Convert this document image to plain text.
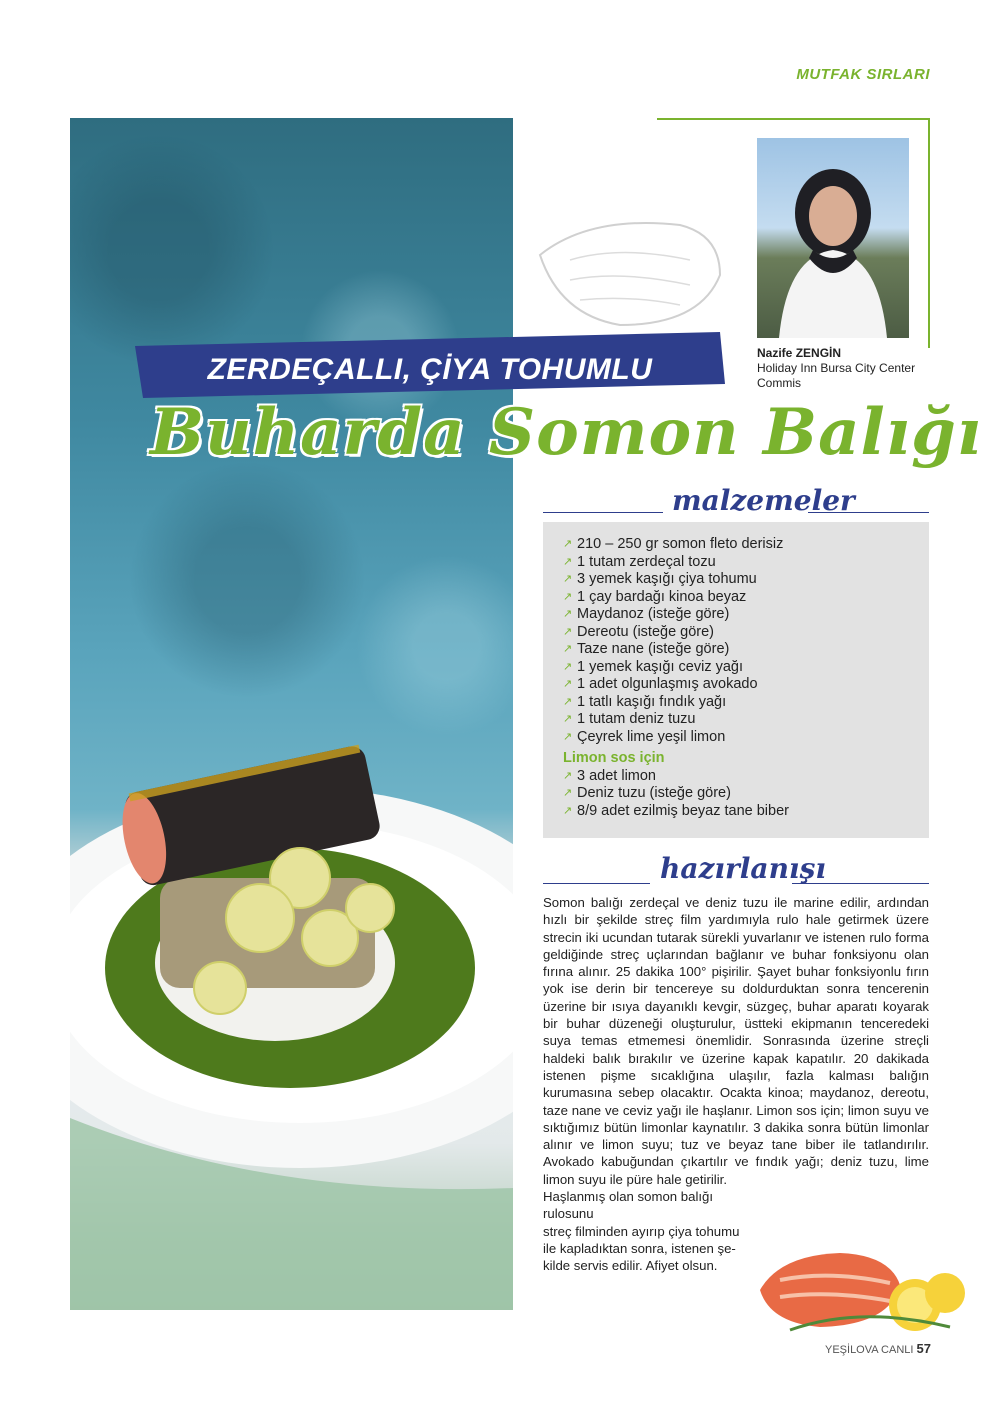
MUTFAK SIRLARI
Nazife ZENGİN
Holiday Inn Bursa City Center
Commis
ZERDEÇALLI, ÇİYA TOHUMLU
Buharda Somon Balığı
malzemeler
↗ 210 – 250 gr somon fleto derisiz
↗ 1 tutam zerdeçal tozu
↗ 3 yemek kaşığı çiya tohumu
↗ 1 çay bardağı kinoa beyaz
↗ Maydanoz (isteğe göre)
↗ Dereotu (isteğe göre)
↗ Taze nane (isteğe göre)
↗ 1 yemek kaşığı ceviz yağı
↗ 1 adet olgunlaşmış avokado
↗ 1 tatlı kaşığı fındık yağı
↗ 1 tutam deniz tuzu
↗ Çeyrek lime yeşil limon
Limon sos için
↗ 3 adet limon
↗ Deniz tuzu (isteğe göre)
↗ 8/9 adet ezilmiş beyaz tane biber
hazırlanışı

Somon balığı zerdeçal ve deniz tuzu ile marine edilir, ardından hızlı bir şekilde streç film yardımıyla rulo hale getirmek üzere strecin iki ucundan tutarak sürekli yuvarlanır ve istenen rulo forma geldiğinde streç uçlarından bağlanır ve buhar fonksiyonu olan fırına alınır. 25 dakika 100° pişirilir. Şayet buhar fonksiyonlu fırın yok ise derin bir tencereye su doldurduktan sonra tencerenin üzerine bir ısıya dayanıklı kevgir, süzgeç, buhar aparatı koyarak bir buhar düzeneği oluşturulur, üstteki ekipmanın tenceredeki suya temas etmemesi önemlidir. Sonrasında üzerine streçli haldeki balık bırakılır ve üzerine kapak kapatılır. 20 dakikada istenen pişme sıcaklığına ulaşılır, fazla kalması balığın kurumasına sebep olacaktır. Ocakta kinoa; maydanoz, dereotu, taze nane ve ceviz yağı ile haşlanır. Limon sos için; limon suyu ve sıktığımız bütün limonlar kaynatılır. 3 dakika sonra bütün limonlar alınır ve limon suyu; tuz ve beyaz tane biber ile tatlandırılır. Avokado kabuğundan çıkartılır ve fındık yağı; deniz tuzu, lime limon suyu ile püre hale getirilir.

Haşlanmış olan somon balığı rulosunu
streç filminden ayırıp çiya tohumu
ile kapladıktan sonra, istenen şe-
kilde servis edilir. Afiyet olsun.
YEŞİLOVA CANLI 57
